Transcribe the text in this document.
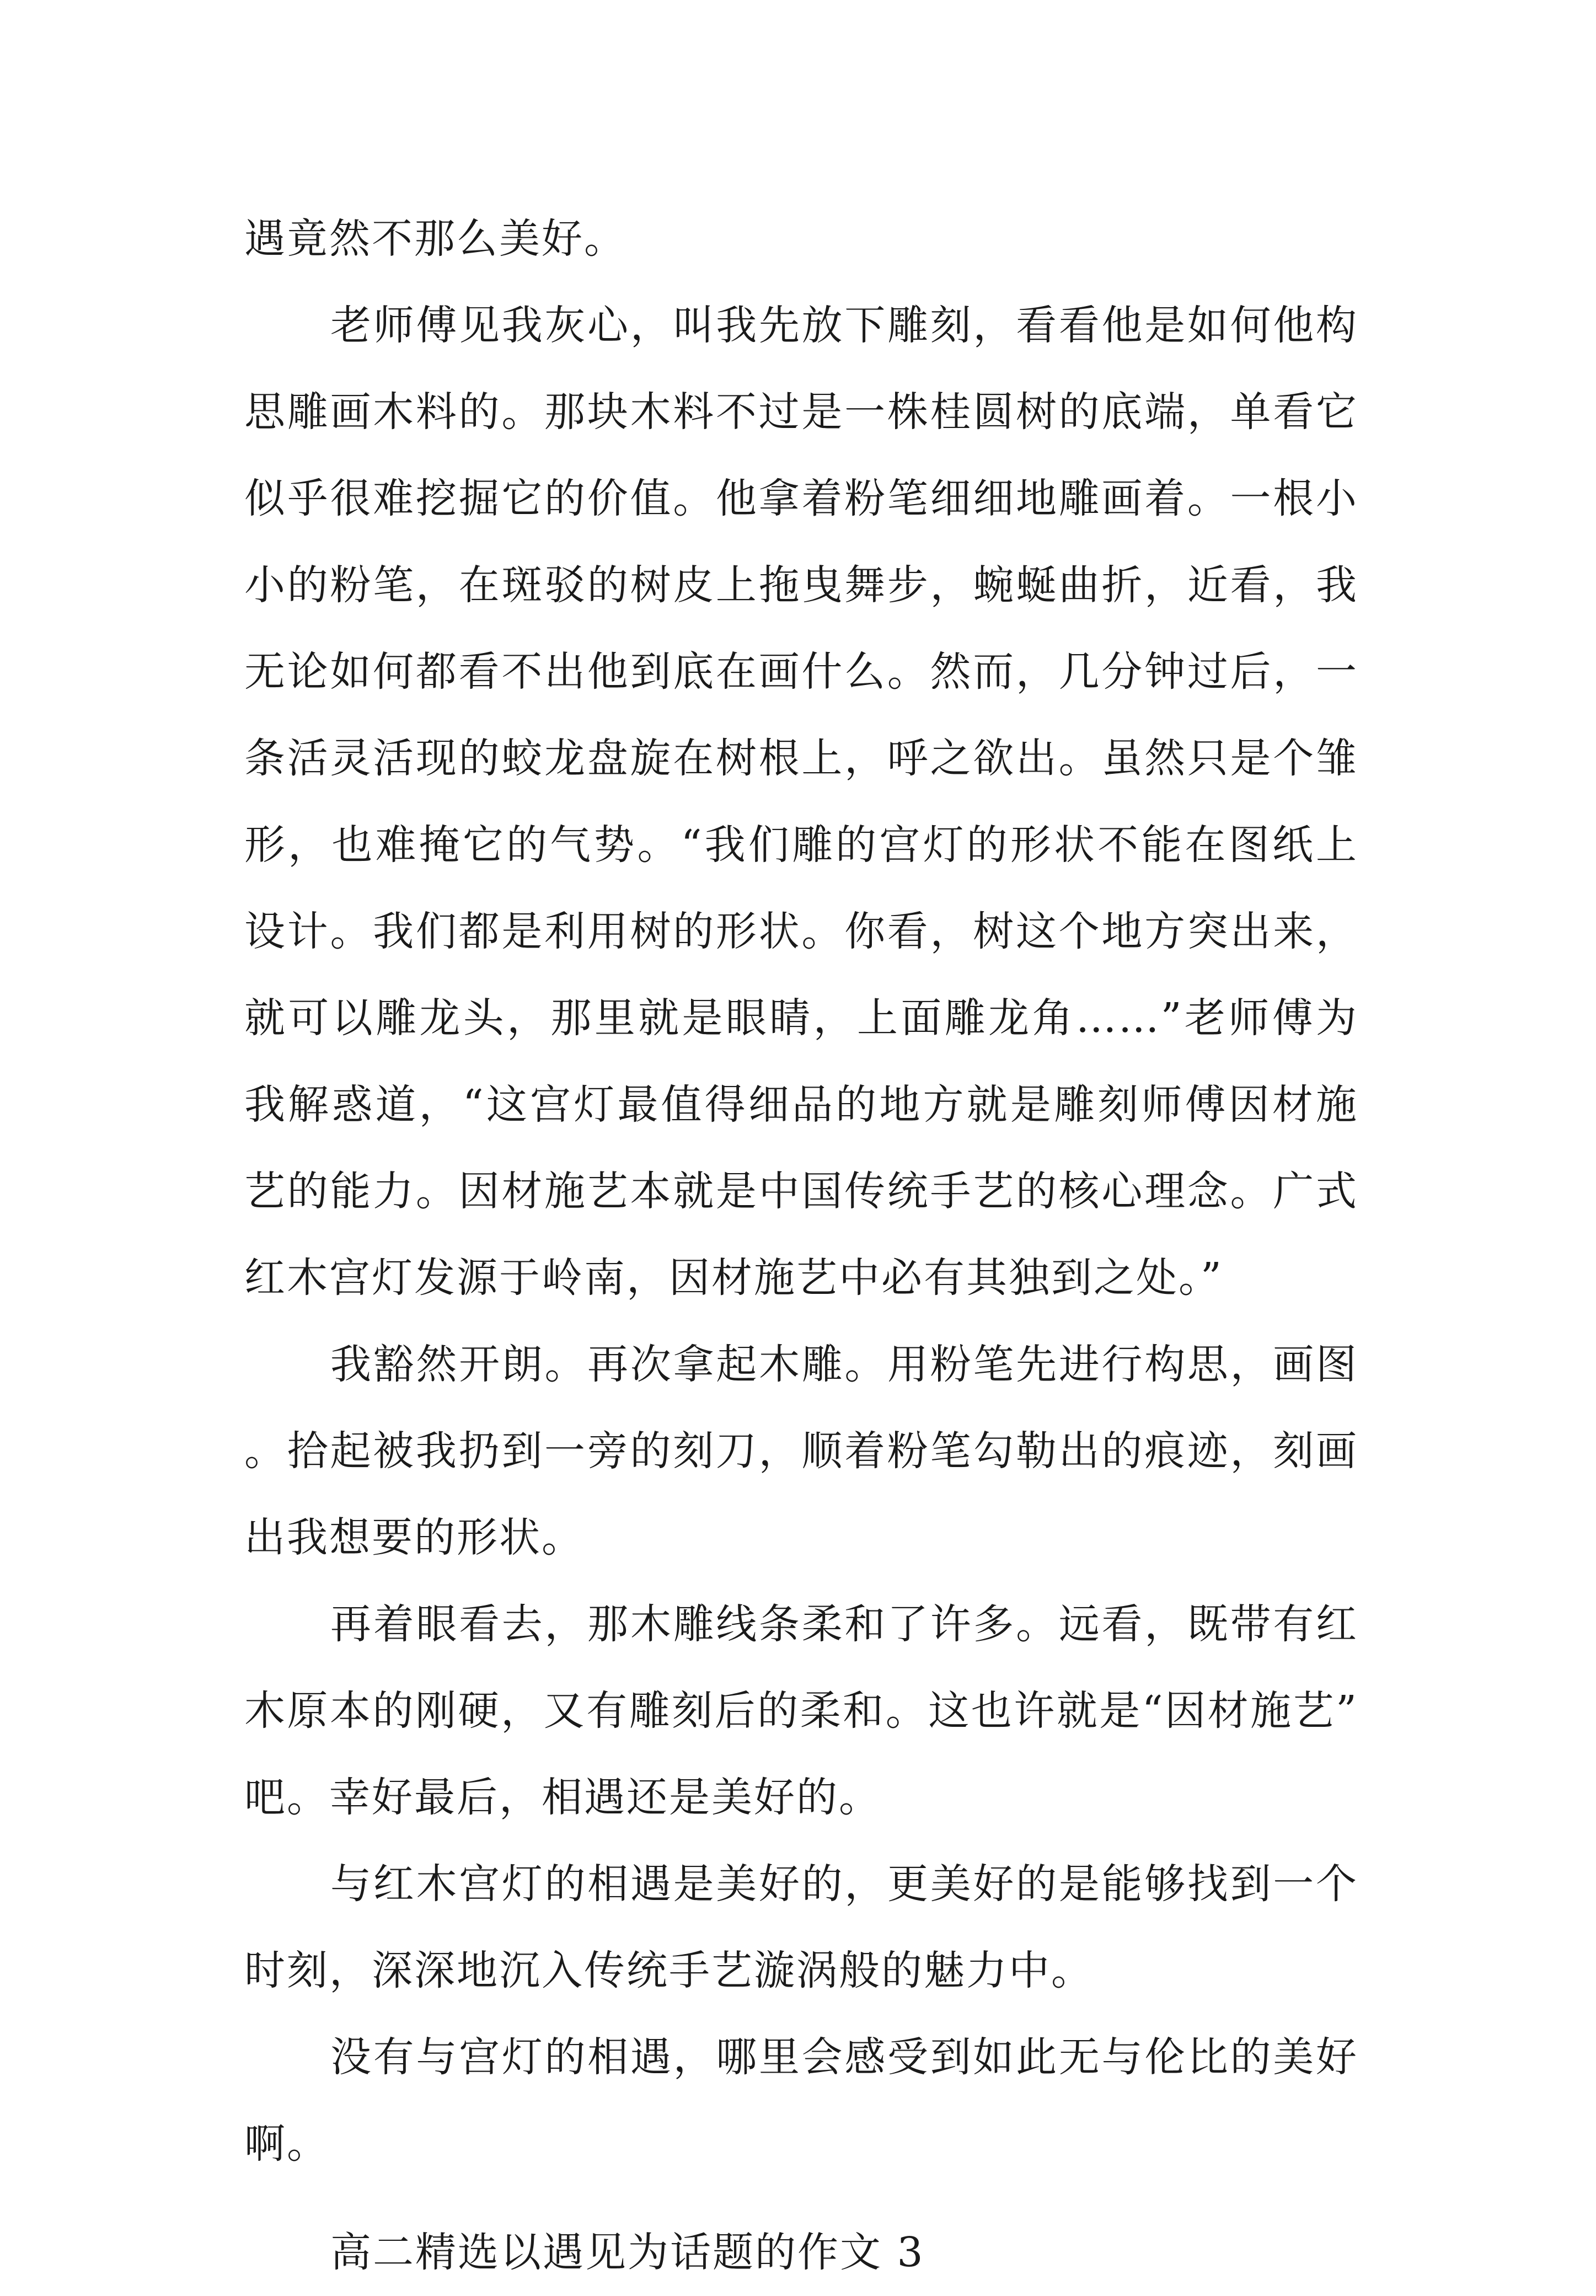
遇竟然不那么美好。

老师傅见我灰心，叫我先放下雕刻，看看他是如何他构思雕画木料的。那块木料不过是一株桂圆树的底端，单看它似乎很难挖掘它的价值。他拿着粉笔细细地雕画着。一根小小的粉笔，在斑驳的树皮上拖曳舞步，蜿蜒曲折，近看，我无论如何都看不出他到底在画什么。然而，几分钟过后，一条活灵活现的蛟龙盘旋在树根上，呼之欲出。虽然只是个雏形，也难掩它的气势。“我们雕的宫灯的形状不能在图纸上设计。我们都是利用树的形状。你看，树这个地方突出来，就可以雕龙头，那里就是眼睛，上面雕龙角……”老师傅为我解惑道，“这宫灯最值得细品的地方就是雕刻师傅因材施艺的能力。因材施艺本就是中国传统手艺的核心理念。广式红木宫灯发源于岭南，因材施艺中必有其独到之处。”

我豁然开朗。再次拿起木雕。用粉笔先进行构思，画图。拾起被我扔到一旁的刻刀，顺着粉笔勾勒出的痕迹，刻画出我想要的形状。

再着眼看去，那木雕线条柔和了许多。远看，既带有红木原本的刚硬，又有雕刻后的柔和。这也许就是“因材施艺”吧。幸好最后，相遇还是美好的。

与红木宫灯的相遇是美好的，更美好的是能够找到一个时刻，深深地沉入传统手艺漩涡般的魅力中。

没有与宫灯的相遇，哪里会感受到如此无与伦比的美好啊。

高二精选以遇见为话题的作文 3
